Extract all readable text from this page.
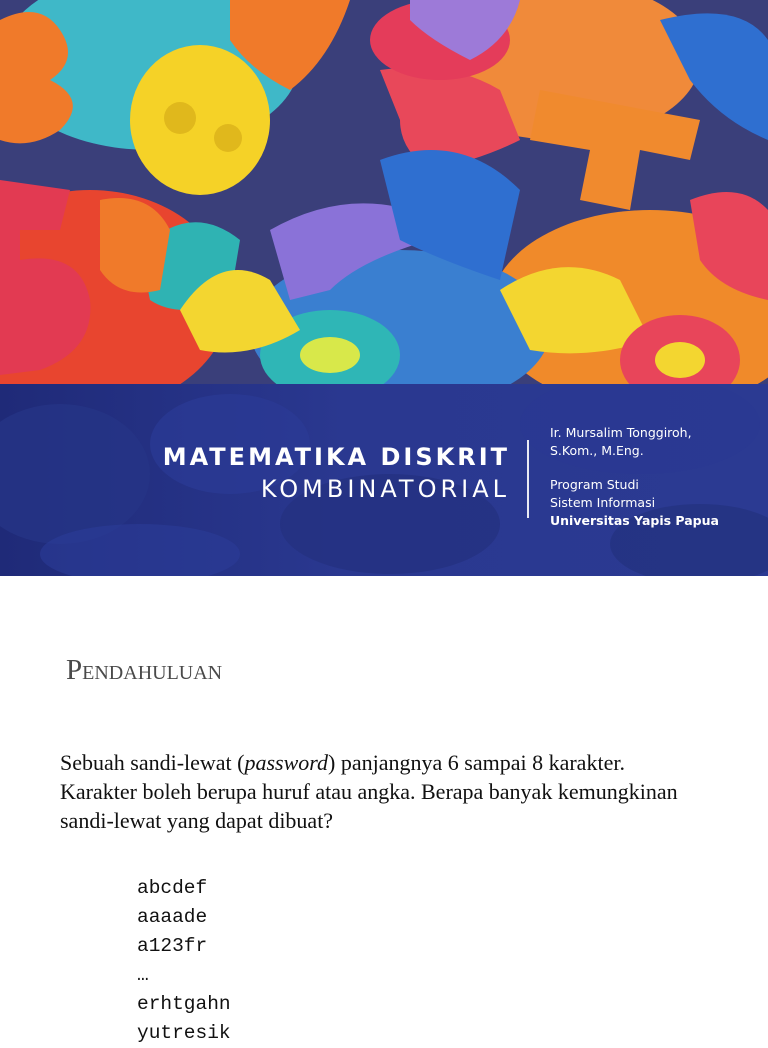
MATEMATIKA DISKRIT
KOMBINATORIAL
Ir. Mursalim Tonggiroh,
S.Kom., M.Eng.
Program Studi
Sistem Informasi
Universitas Yapis Papua
Pendahuluan
Sebuah sandi-lewat (password) panjangnya 6 sampai 8 karakter. Karakter boleh berupa huruf atau angka. Berapa banyak kemungkinan sandi-lewat yang dapat dibuat?
abcdef
aaaade
a123fr
…
erhtgahn
yutresik
